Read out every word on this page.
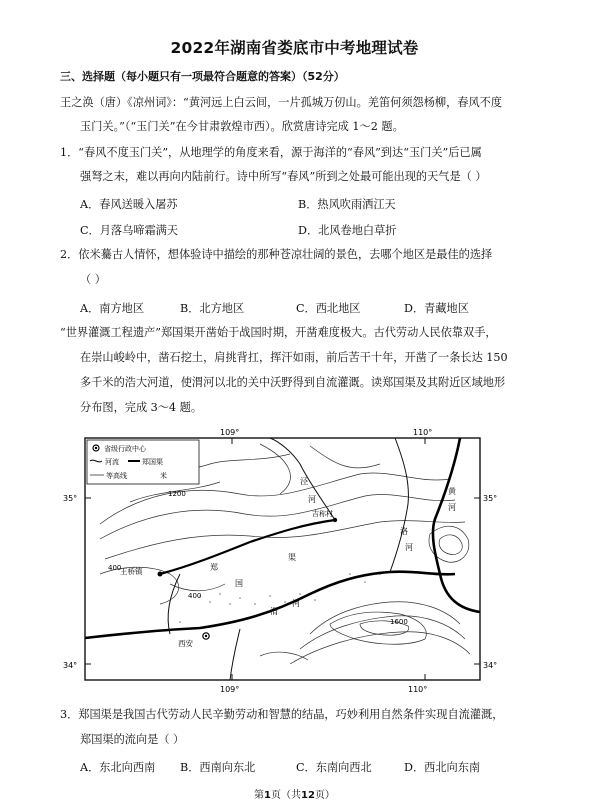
2022年湖南省娄底市中考地理试卷
三、选择题（每小题只有一项最符合题意的答案）（52分）
王之涣（唐）《凉州词》：“黄河远上白云间，一片孤城万仞山。羌笛何须怨杨柳，春风不度
玉门关。”（“玉门关”在今甘肃敦煌市西）。欣赏唐诗完成 1～2 题。
1．“春风不度玉门关”，从地理学的角度来看，源于海洋的“春风”到达“玉门关”后已属
强弩之末，难以再向内陆前行。诗中所写“春风”所到之处最可能出现的天气是（ ）
A．春风送暖入屠苏	B．热风吹雨洒江天
C．月落乌啼霜满天	D．北风卷地白草折
2．依米驀古人情怀，想体验诗中描绘的那种苍凉壮阔的景色，去哪个地区是最佳的选择
（ ）
A．南方地区	B．北方地区	C．西北地区	D．青藏地区
“世界灌溉工程遗产”郑国渠开凿始于战国时期，开凿难度极大。古代劳动人民依靠双手，
在崇山峻岭中，凿石挖土，肩挑背扛，挥汗如雨，前后苦干十年，开凿了一条长达 150
多千米的浩大河道，使渭河以北的关中沃野得到自流灌溉。读郑国渠及其附近区域地形
分布图，完成 3～4 题。
109°	110°
35°	35°
34°	34°
109°	110°
省级行政中心
河流	郑国渠
等高线	米
1200
400
400
1600
王桥镇
西安
吉称村
郑
国
渠
泾
河
洛
河
渭
河
黄
河
3．郑国渠是我国古代劳动人民辛勤劳动和智慧的结晶，巧妙利用自然条件实现自流灌溉，
郑国渠的流向是（ ）
A．东北向西南 B．西南向东北	C．东南向西北	D．西北向东南
第1页（共12页）
